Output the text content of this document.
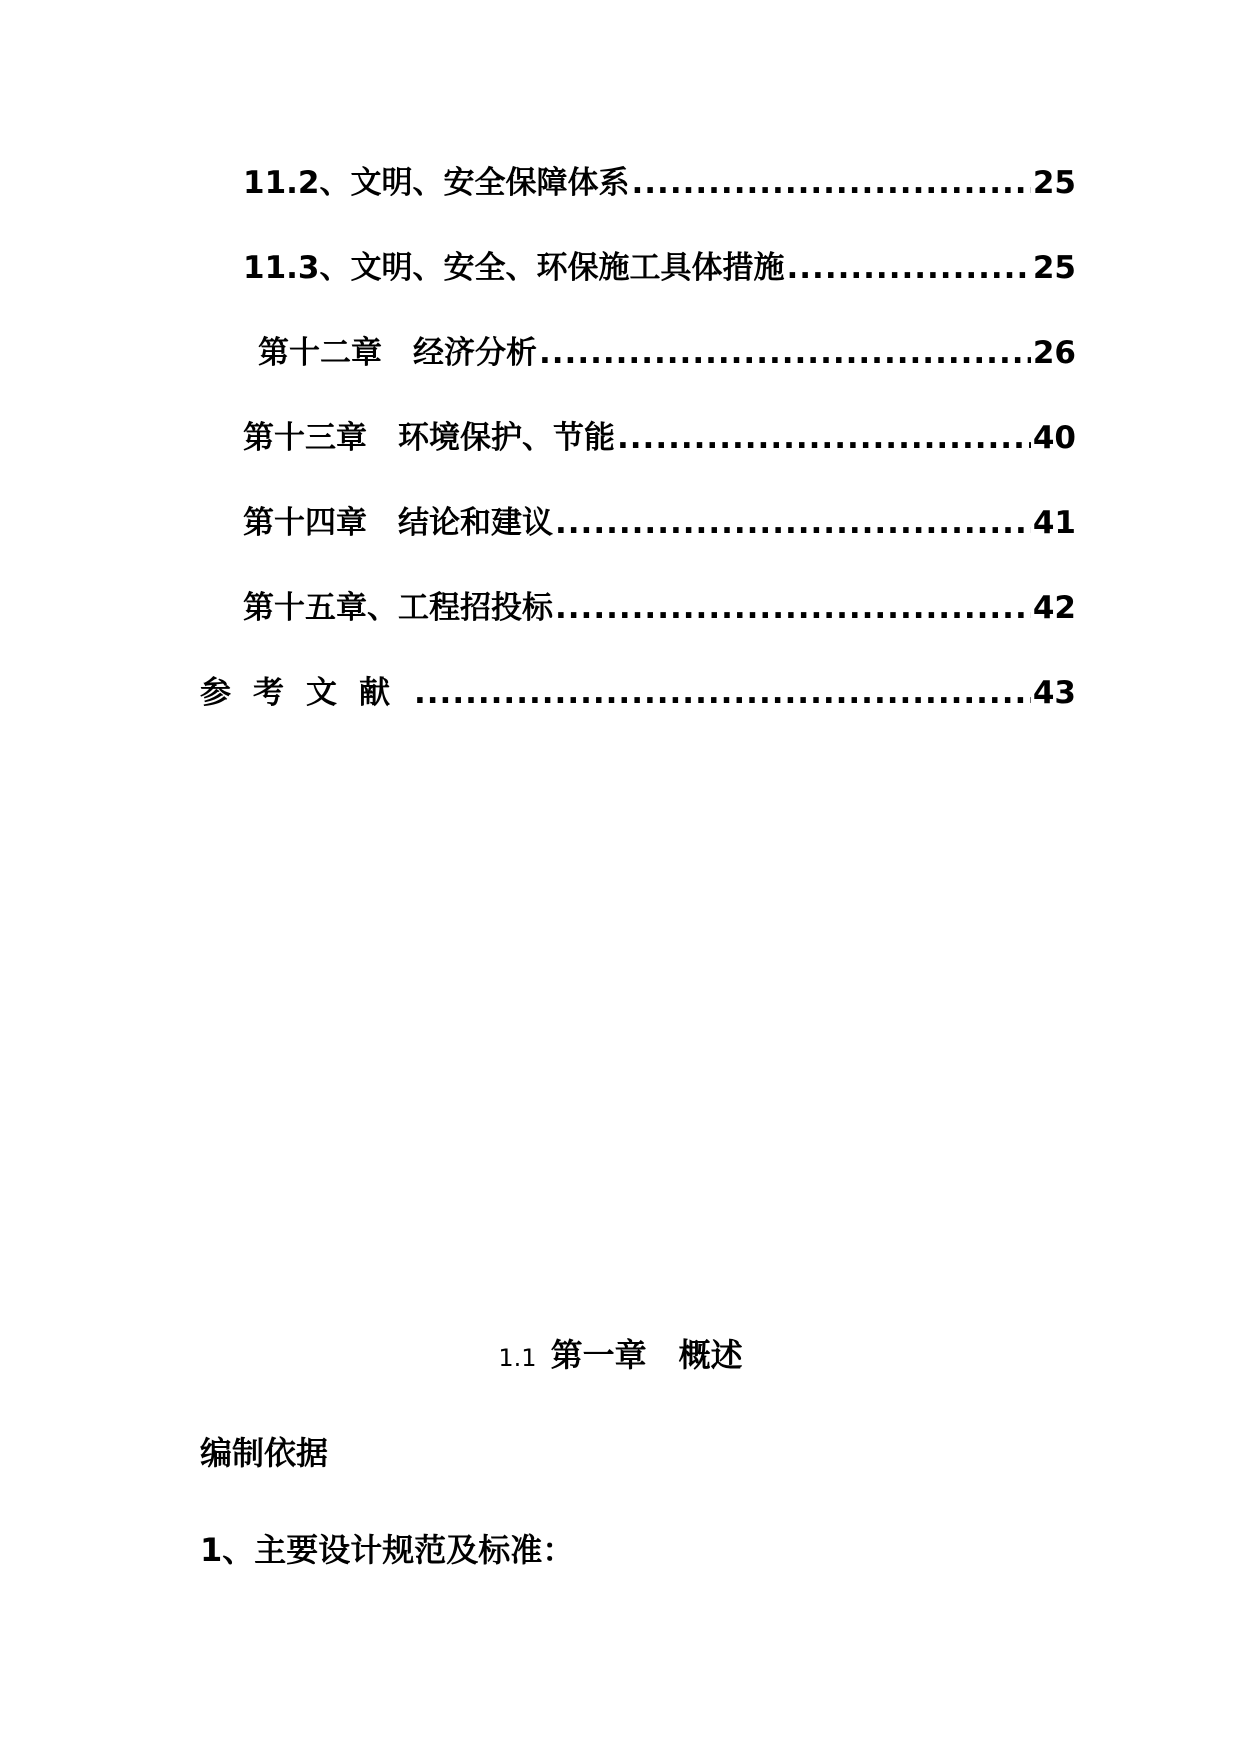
11.2、文明、安全保障体系 .....	25
11.3、文明、安全、环保施工具体措施 .....	25
第十二章　经济分析 .....	26
第十三章　环境保护、节能 .....	40
第十四章　结论和建议 .....	41
第十五章、工程招投标 .....	42
参考文献 .....	43
1.1 第一章　概述
编制依据
1、主要设计规范及标准：
